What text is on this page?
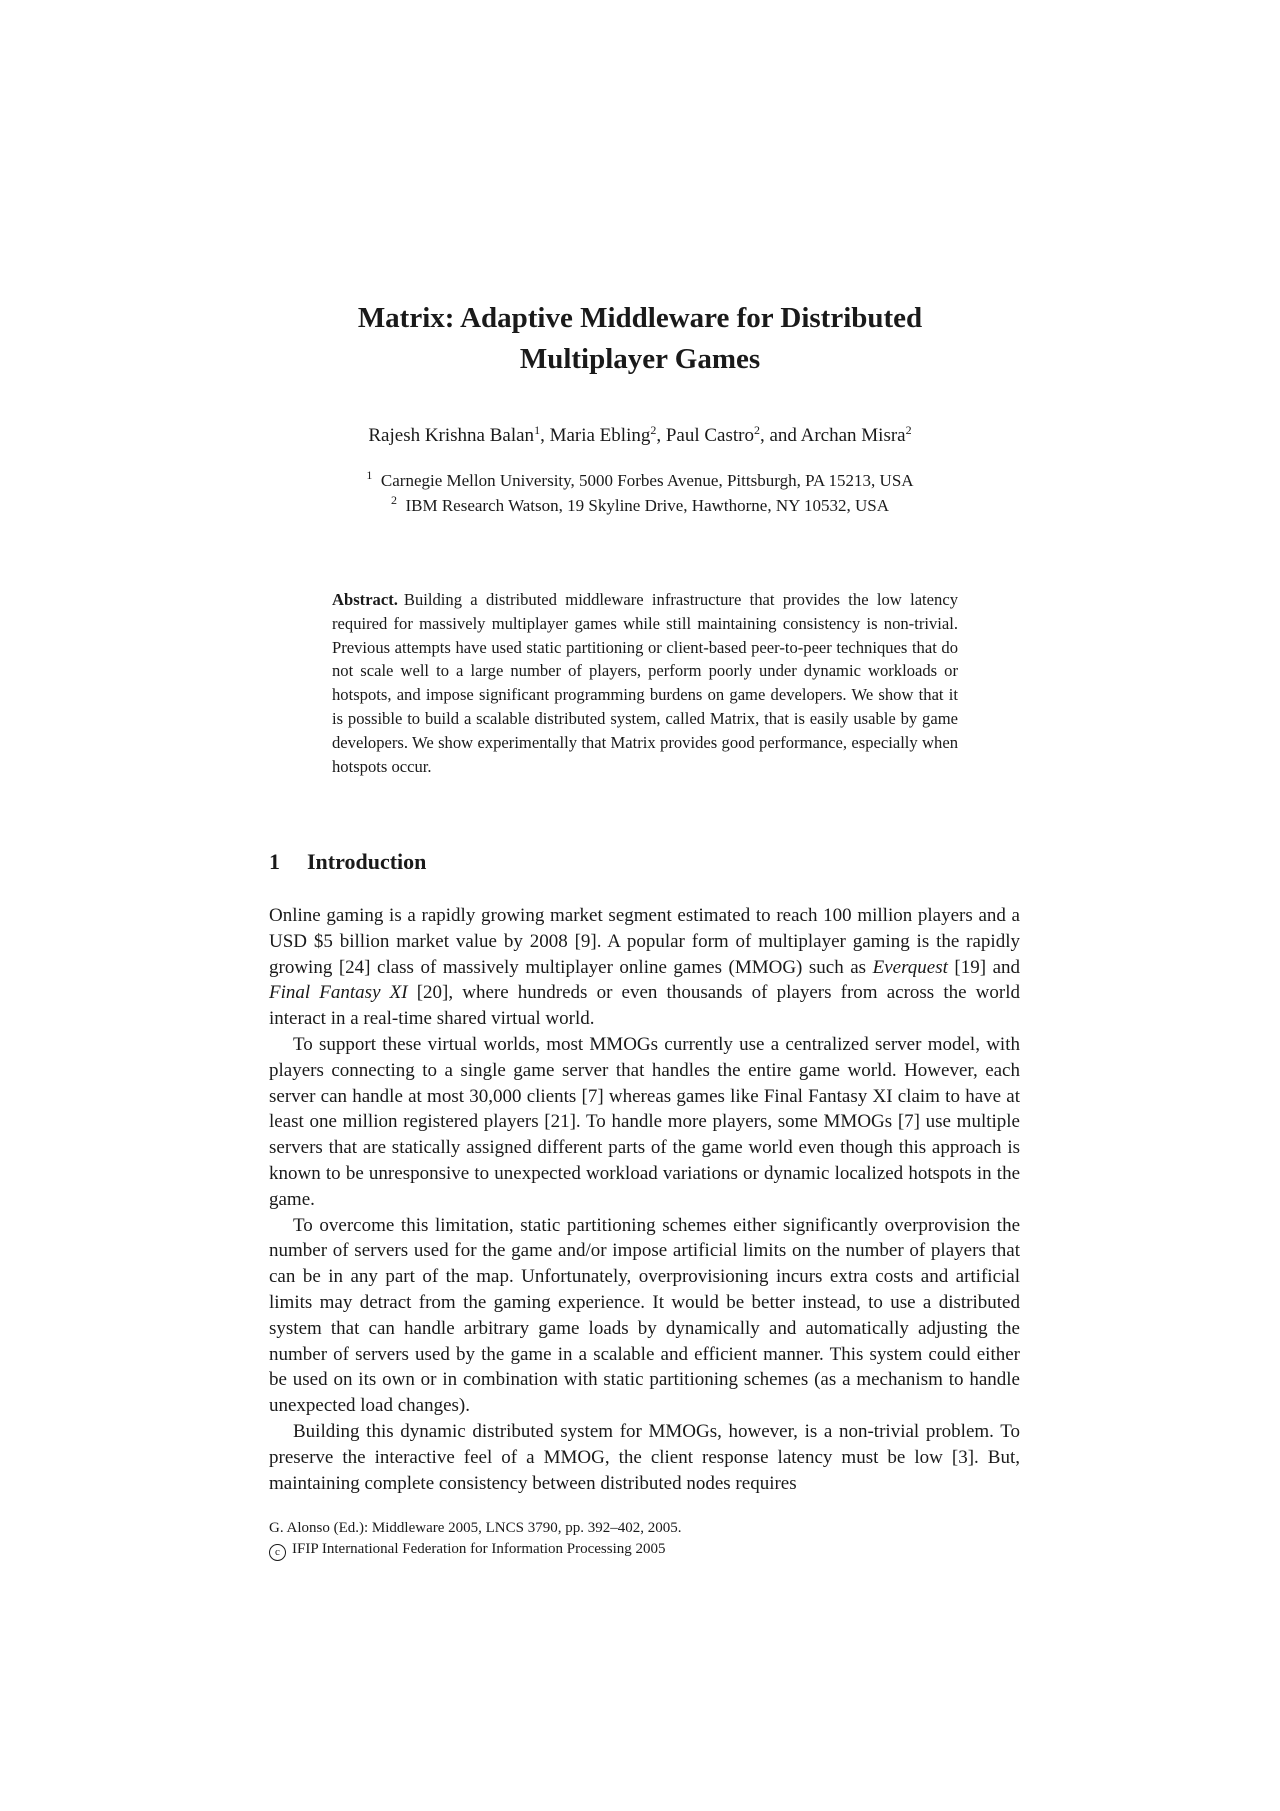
Matrix: Adaptive Middleware for Distributed
Multiplayer Games
Rajesh Krishna Balan$^1$, Maria Ebling$^2$, Paul Castro$^2$, and Archan Misra$^2$
$^1$ Carnegie Mellon University, 5000 Forbes Avenue, Pittsburgh, PA 15213, USA
$^2$ IBM Research Watson, 19 Skyline Drive, Hawthorne, NY 10532, USA
Abstract. Building a distributed middleware infrastructure that provides the low latency required for massively multiplayer games while still maintaining consistency is non-trivial. Previous attempts have used static partitioning or client-based peer-to-peer techniques that do not scale well to a large number of players, perform poorly under dynamic workloads or hotspots, and impose significant programming burdens on game developers. We show that it is possible to build a scalable distributed system, called Matrix, that is easily usable by game developers. We show experimentally that Matrix provides good performance, especially when hotspots occur.
1 Introduction

Online gaming is a rapidly growing market segment estimated to reach 100 million players and a USD $5 billion market value by 2008 [9]. A popular form of multiplayer gaming is the rapidly growing [24] class of massively multiplayer online games (MMOG) such as Everquest [19] and Final Fantasy XI [20], where hundreds or even thousands of players from across the world interact in a real-time shared virtual world.

To support these virtual worlds, most MMOGs currently use a centralized server model, with players connecting to a single game server that handles the entire game world. However, each server can handle at most 30,000 clients [7] whereas games like Final Fantasy XI claim to have at least one million registered players [21]. To handle more players, some MMOGs [7] use multiple servers that are statically assigned different parts of the game world even though this approach is known to be unresponsive to unexpected workload variations or dynamic localized hotspots in the game.

To overcome this limitation, static partitioning schemes either significantly overprovision the number of servers used for the game and/or impose artificial limits on the number of players that can be in any part of the map. Unfortunately, overprovisioning incurs extra costs and artificial limits may detract from the gaming experience. It would be better instead, to use a distributed system that can handle arbitrary game loads by dynamically and automatically adjusting the number of servers used by the game in a scalable and efficient manner. This system could either be used on its own or in combination with static partitioning schemes (as a mechanism to handle unexpected load changes).

Building this dynamic distributed system for MMOGs, however, is a non-trivial problem. To preserve the interactive feel of a MMOG, the client response latency must be low [3]. But, maintaining complete consistency between distributed nodes requires

G. Alonso (Ed.): Middleware 2005, LNCS 3790, pp. 392–402, 2005.
c IFIP International Federation for Information Processing 2005
